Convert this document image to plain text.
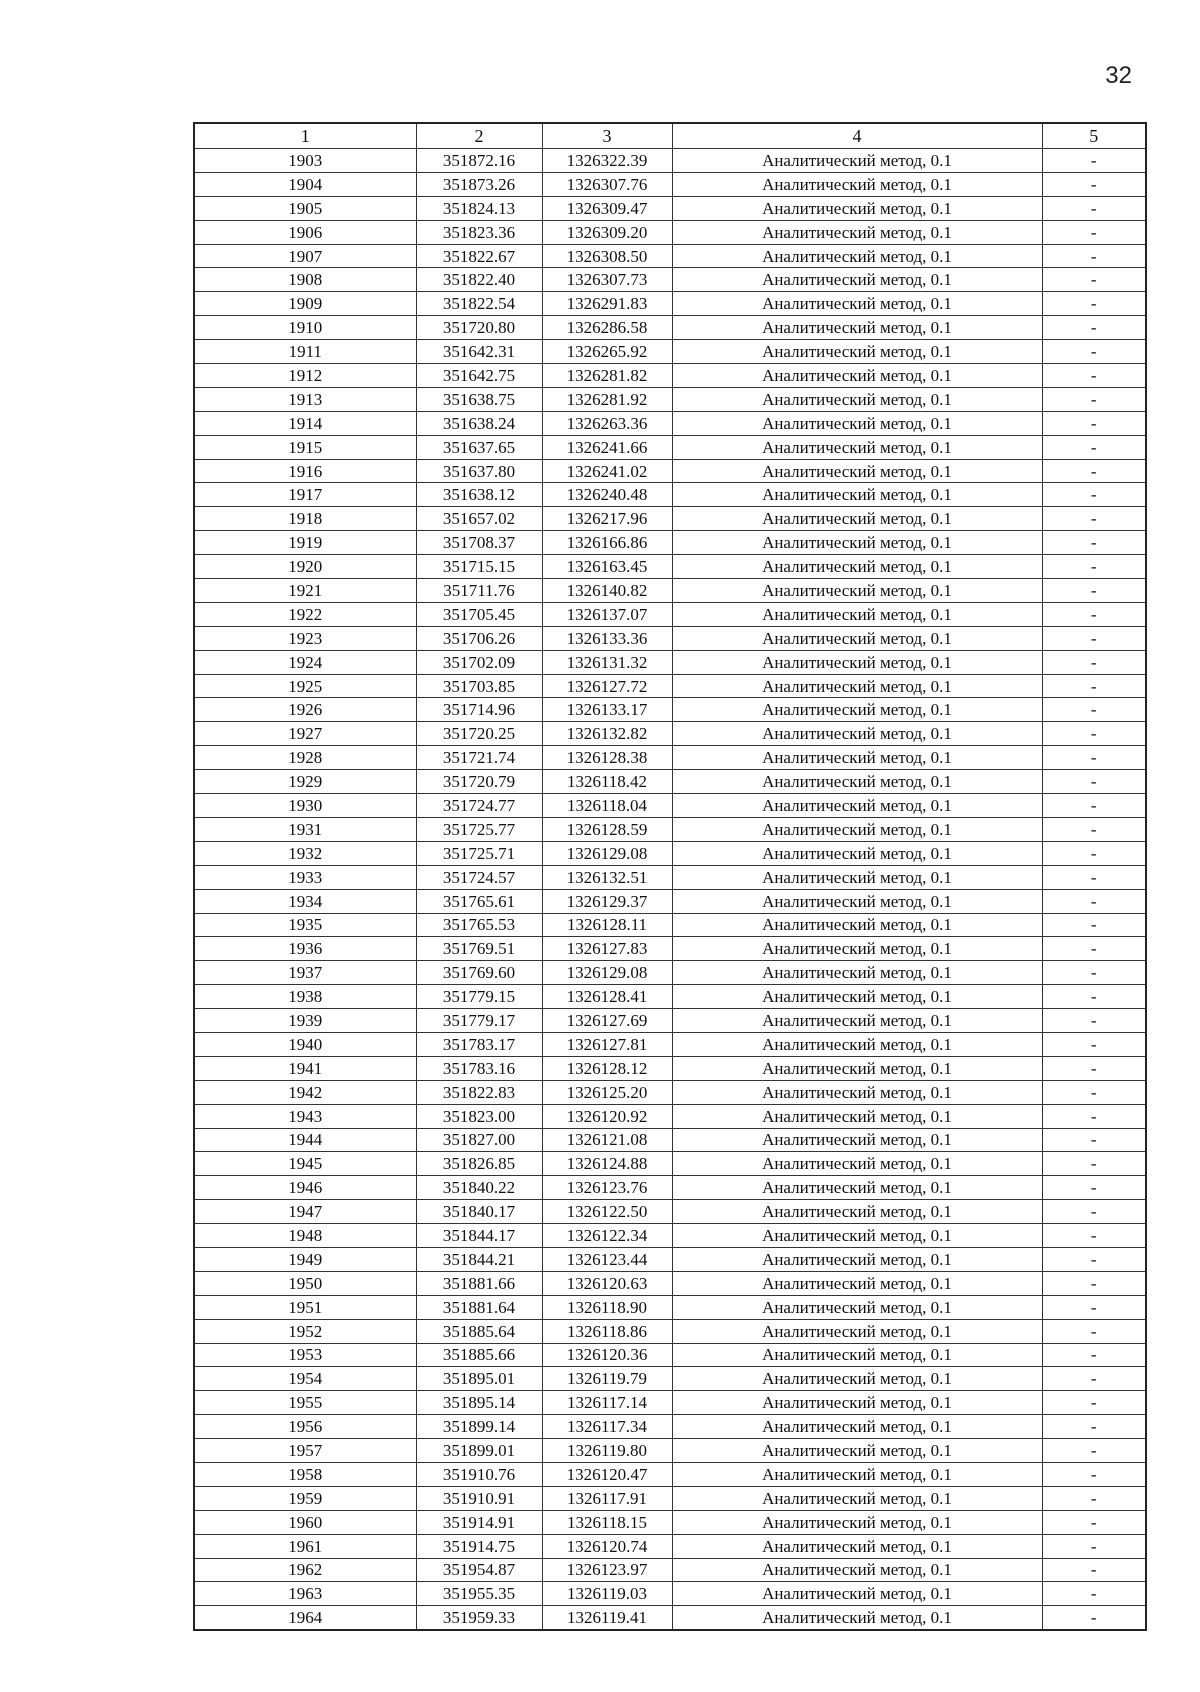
32
1	2	3	4	5
1903	351872.16	1326322.39	Аналитический метод, 0.1	-
1904	351873.26	1326307.76	Аналитический метод, 0.1	-
1905	351824.13	1326309.47	Аналитический метод, 0.1	-
1906	351823.36	1326309.20	Аналитический метод, 0.1	-
1907	351822.67	1326308.50	Аналитический метод, 0.1	-
1908	351822.40	1326307.73	Аналитический метод, 0.1	-
1909	351822.54	1326291.83	Аналитический метод, 0.1	-
1910	351720.80	1326286.58	Аналитический метод, 0.1	-
1911	351642.31	1326265.92	Аналитический метод, 0.1	-
1912	351642.75	1326281.82	Аналитический метод, 0.1	-
1913	351638.75	1326281.92	Аналитический метод, 0.1	-
1914	351638.24	1326263.36	Аналитический метод, 0.1	-
1915	351637.65	1326241.66	Аналитический метод, 0.1	-
1916	351637.80	1326241.02	Аналитический метод, 0.1	-
1917	351638.12	1326240.48	Аналитический метод, 0.1	-
1918	351657.02	1326217.96	Аналитический метод, 0.1	-
1919	351708.37	1326166.86	Аналитический метод, 0.1	-
1920	351715.15	1326163.45	Аналитический метод, 0.1	-
1921	351711.76	1326140.82	Аналитический метод, 0.1	-
1922	351705.45	1326137.07	Аналитический метод, 0.1	-
1923	351706.26	1326133.36	Аналитический метод, 0.1	-
1924	351702.09	1326131.32	Аналитический метод, 0.1	-
1925	351703.85	1326127.72	Аналитический метод, 0.1	-
1926	351714.96	1326133.17	Аналитический метод, 0.1	-
1927	351720.25	1326132.82	Аналитический метод, 0.1	-
1928	351721.74	1326128.38	Аналитический метод, 0.1	-
1929	351720.79	1326118.42	Аналитический метод, 0.1	-
1930	351724.77	1326118.04	Аналитический метод, 0.1	-
1931	351725.77	1326128.59	Аналитический метод, 0.1	-
1932	351725.71	1326129.08	Аналитический метод, 0.1	-
1933	351724.57	1326132.51	Аналитический метод, 0.1	-
1934	351765.61	1326129.37	Аналитический метод, 0.1	-
1935	351765.53	1326128.11	Аналитический метод, 0.1	-
1936	351769.51	1326127.83	Аналитический метод, 0.1	-
1937	351769.60	1326129.08	Аналитический метод, 0.1	-
1938	351779.15	1326128.41	Аналитический метод, 0.1	-
1939	351779.17	1326127.69	Аналитический метод, 0.1	-
1940	351783.17	1326127.81	Аналитический метод, 0.1	-
1941	351783.16	1326128.12	Аналитический метод, 0.1	-
1942	351822.83	1326125.20	Аналитический метод, 0.1	-
1943	351823.00	1326120.92	Аналитический метод, 0.1	-
1944	351827.00	1326121.08	Аналитический метод, 0.1	-
1945	351826.85	1326124.88	Аналитический метод, 0.1	-
1946	351840.22	1326123.76	Аналитический метод, 0.1	-
1947	351840.17	1326122.50	Аналитический метод, 0.1	-
1948	351844.17	1326122.34	Аналитический метод, 0.1	-
1949	351844.21	1326123.44	Аналитический метод, 0.1	-
1950	351881.66	1326120.63	Аналитический метод, 0.1	-
1951	351881.64	1326118.90	Аналитический метод, 0.1	-
1952	351885.64	1326118.86	Аналитический метод, 0.1	-
1953	351885.66	1326120.36	Аналитический метод, 0.1	-
1954	351895.01	1326119.79	Аналитический метод, 0.1	-
1955	351895.14	1326117.14	Аналитический метод, 0.1	-
1956	351899.14	1326117.34	Аналитический метод, 0.1	-
1957	351899.01	1326119.80	Аналитический метод, 0.1	-
1958	351910.76	1326120.47	Аналитический метод, 0.1	-
1959	351910.91	1326117.91	Аналитический метод, 0.1	-
1960	351914.91	1326118.15	Аналитический метод, 0.1	-
1961	351914.75	1326120.74	Аналитический метод, 0.1	-
1962	351954.87	1326123.97	Аналитический метод, 0.1	-
1963	351955.35	1326119.03	Аналитический метод, 0.1	-
1964	351959.33	1326119.41	Аналитический метод, 0.1	-
